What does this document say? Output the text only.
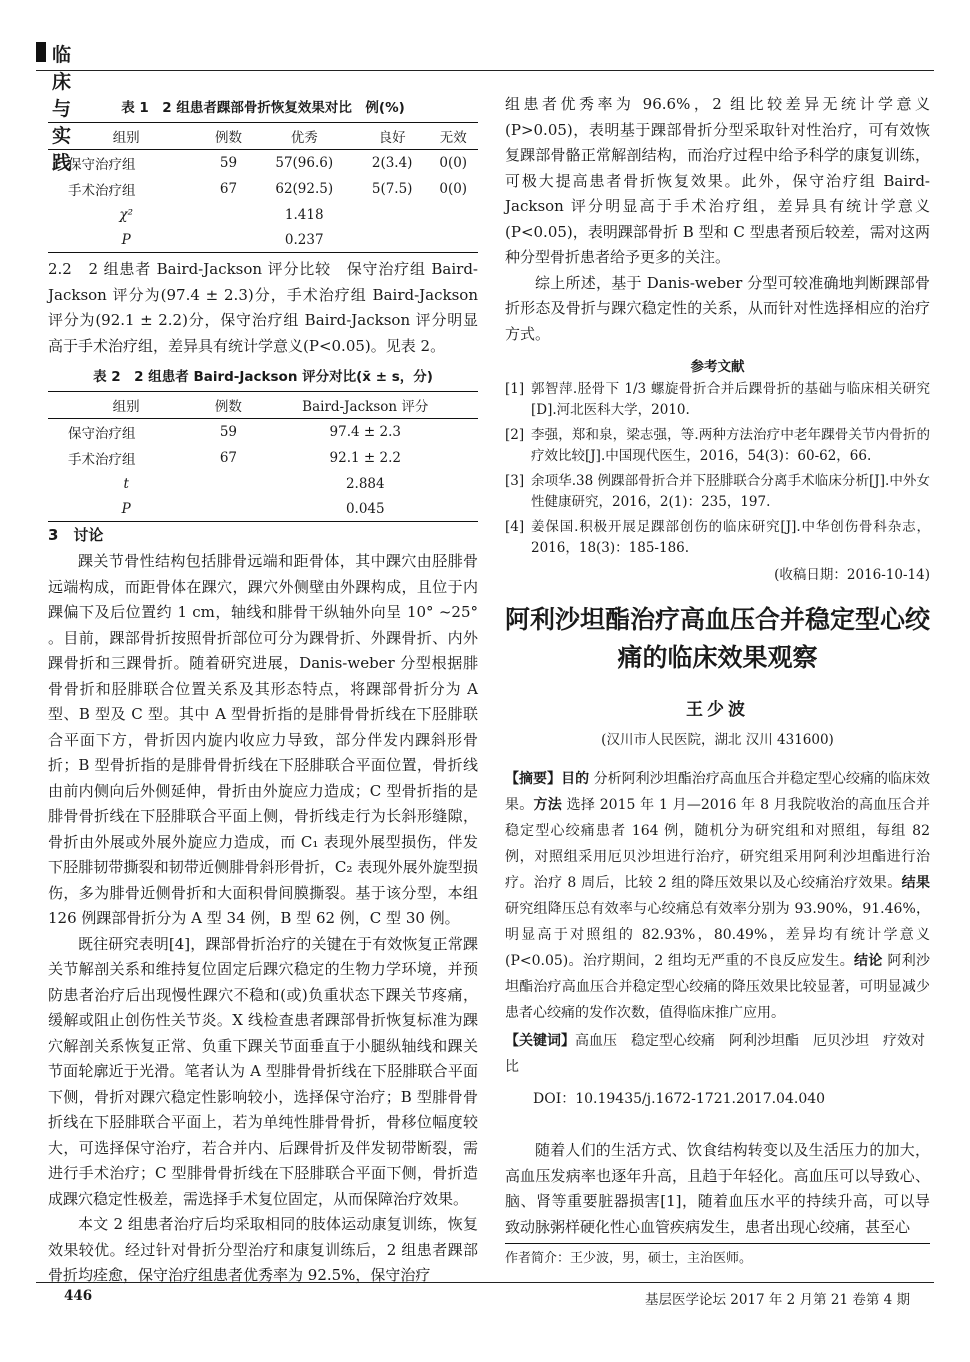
临床与实践
表 1　2 组患者踝部骨折恢复效果对比　例(%)
组别	例数	优秀	良好	无效
保守治疗组	59	57(96.6)	2(3.4)	0(0)
手术治疗组	67	62(92.5)	5(7.5)	0(0)
χ²		1.418		
P		0.237		

2.2　2 组患者 Baird-Jackson 评分比较　保守治疗组 Baird-Jackson 评分为(97.4 ± 2.3)分，手术治疗组 Baird-Jackson 评分为(92.1 ± 2.2)分，保守治疗组 Baird-Jackson 评分明显高于手术治疗组，差异具有统计学意义(P<0.05)。见表 2。

表 2　2 组患者 Baird-Jackson 评分对比(x̄ ± s，分)
组别	例数	Baird-Jackson 评分
保守治疗组	59	97.4 ± 2.3
手术治疗组	67	92.1 ± 2.2
t		2.884
P		0.045
3　讨论

踝关节骨性结构包括腓骨远端和距骨体，其中踝穴由胫腓骨远端构成，而距骨体在踝穴，踝穴外侧壁由外踝构成，且位于内踝偏下及后位置约 1 cm，轴线和腓骨干纵轴外向呈 10° ~25° 。目前，踝部骨折按照骨折部位可分为踝骨折、外踝骨折、内外踝骨折和三踝骨折。随着研究进展，Danis-weber 分型根据腓骨骨折和胫腓联合位置关系及其形态特点，将踝部骨折分为 A 型、B 型及 C 型。其中 A 型骨折指的是腓骨骨折线在下胫腓联合平面下方，骨折因内旋内收应力导致，部分伴发内踝斜形骨折；B 型骨折指的是腓骨骨折线在下胫腓联合平面位置，骨折线由前内侧向后外侧延伸，骨折由外旋应力造成；C 型骨折指的是腓骨骨折线在下胫腓联合平面上侧，骨折线走行为长斜形缝隙，骨折由外展或外展外旋应力造成，而 C₁ 表现外展型损伤，伴发下胫腓韧带撕裂和韧带近侧腓骨斜形骨折，C₂ 表现外展外旋型损伤，多为腓骨近侧骨折和大面积骨间膜撕裂。基于该分型，本组 126 例踝部骨折分为 A 型 34 例，B 型 62 例，C 型 30 例。

既往研究表明[4]，踝部骨折治疗的关键在于有效恢复正常踝关节解剖关系和维持复位固定后踝穴稳定的生物力学环境，并预防患者治疗后出现慢性踝穴不稳和(或)负重状态下踝关节疼痛，缓解或阻止创伤性关节炎。X 线检查患者踝部骨折恢复标准为踝穴解剖关系恢复正常、负重下踝关节面垂直于小腿纵轴线和踝关节面轮廓近于光滑。笔者认为 A 型腓骨骨折线在下胫腓联合平面下侧，骨折对踝穴稳定性影响较小，选择保守治疗；B 型腓骨骨折线在下胫腓联合平面上，若为单纯性腓骨骨折，骨移位幅度较大，可选择保守治疗，若合并内、后踝骨折及伴发韧带断裂，需进行手术治疗；C 型腓骨骨折线在下胫腓联合平面下侧，骨折造成踝穴稳定性极差，需选择手术复位固定，从而保障治疗效果。

本文 2 组患者治疗后均采取相同的肢体运动康复训练，恢复效果较优。经过针对骨折分型治疗和康复训练后，2 组患者踝部骨折均痊愈，保守治疗组患者优秀率为 92.5%，保守治疗

组患者优秀率为 96.6%，2 组比较差异无统计学意义(P>0.05)，表明基于踝部骨折分型采取针对性治疗，可有效恢复踝部骨骼正常解剖结构，而治疗过程中给予科学的康复训练，可极大提高患者骨折恢复效果。此外，保守治疗组 Baird-Jackson 评分明显高于手术治疗组，差异具有统计学意义(P<0.05)，表明踝部骨折 B 型和 C 型患者预后较差，需对这两种分型骨折患者给予更多的关注。

综上所述，基于 Danis-weber 分型可较准确地判断踝部骨折形态及骨折与踝穴稳定性的关系，从而针对性选择相应的治疗方式。

参考文献
[1] 郭智萍.胫骨下 1/3 螺旋骨折合并后踝骨折的基础与临床相关研究[D].河北医科大学，2010.
[2] 李强，郑和泉，梁志强，等.两种方法治疗中老年踝骨关节内骨折的疗效比较[J].中国现代医生，2016，54(3)：60-62，66.
[3] 余项华.38 例踝部骨折合并下胫腓联合分离手术临床分析[J].中外女性健康研究，2016，2(1)：235，197.
[4] 姜保国.积极开展足踝部创伤的临床研究[J].中华创伤骨科杂志，2016，18(3)：185-186.
(收稿日期：2016-10-14)
阿利沙坦酯治疗高血压合并稳定型心绞痛的临床效果观察
王少波
(汉川市人民医院，湖北 汉川 431600)
【摘要】目的 分析阿利沙坦酯治疗高血压合并稳定型心绞痛的临床效果。方法 选择 2015 年 1 月—2016 年 8 月我院收治的高血压合并稳定型心绞痛患者 164 例，随机分为研究组和对照组，每组 82 例，对照组采用厄贝沙坦进行治疗，研究组采用阿利沙坦酯进行治疗。治疗 8 周后，比较 2 组的降压效果以及心绞痛治疗效果。结果 研究组降压总有效率与心绞痛总有效率分别为 93.90%，91.46%，明显高于对照组的 82.93%，80.49%，差异均有统计学意义(P<0.05)。治疗期间，2 组均无严重的不良反应发生。结论 阿利沙坦酯治疗高血压合并稳定型心绞痛的降压效果比较显著，可明显减少患者心绞痛的发作次数，值得临床推广应用。
【关键词】高血压　稳定型心绞痛　阿利沙坦酯　厄贝沙坦　疗效对比
DOI：10.19435/j.1672-1721.2017.04.040

随着人们的生活方式、饮食结构转变以及生活压力的加大，高血压发病率也逐年升高，且趋于年轻化。高血压可以导致心、脑、肾等重要脏器损害[1]，随着血压水平的持续升高，可以导致动脉粥样硬化性心血管疾病发生，患者出现心绞痛，甚至心

作者简介：王少波，男，硕士，主治医师。
446	基层医学论坛 2017 年 2 月第 21 卷第 4 期
